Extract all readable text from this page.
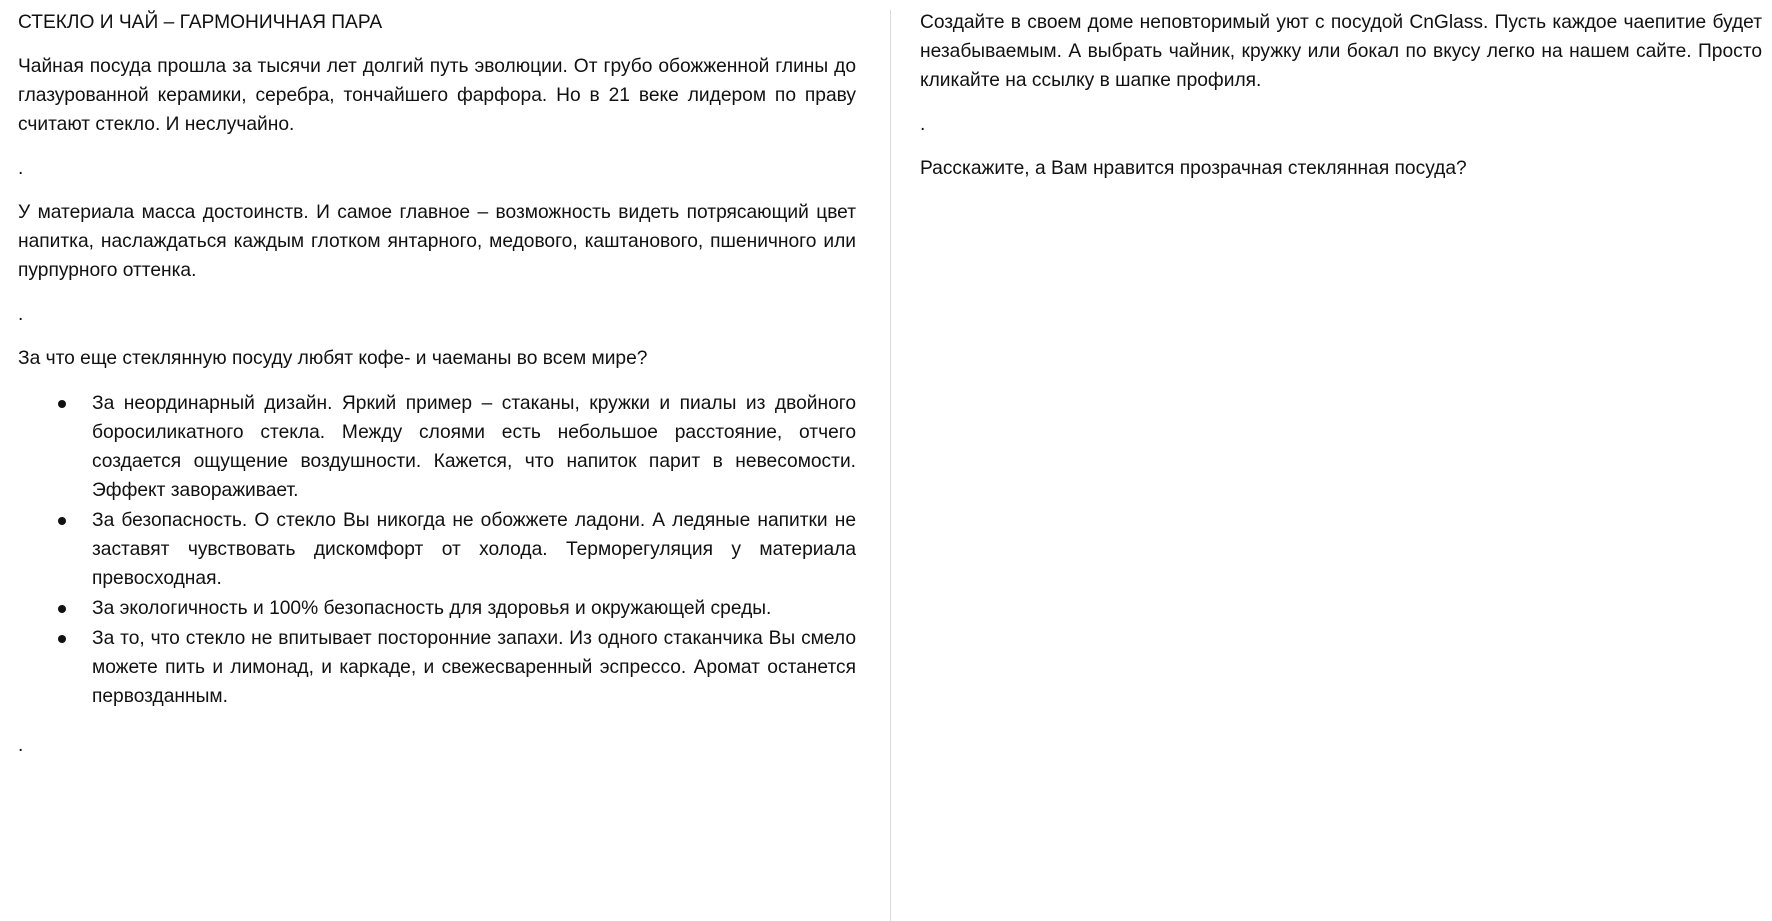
СТЕКЛО И ЧАЙ – ГАРМОНИЧНАЯ ПАРА

Чайная посуда прошла за тысячи лет долгий путь эволюции. От грубо обожженной глины до глазурованной керамики, серебра, тончайшего фарфора. Но в 21 веке лидером по праву считают стекло. И неслучайно.

.

У материала масса достоинств. И самое главное – возможность видеть потрясающий цвет напитка, наслаждаться каждым глотком янтарного, медового, каштанового, пшеничного или пурпурного оттенка.

.

За что еще стеклянную посуду любят кофе- и чаеманы во всем мире?

За неординарный дизайн. Яркий пример – стаканы, кружки и пиалы из двойного боросиликатного стекла. Между слоями есть небольшое расстояние, отчего создается ощущение воздушности. Кажется, что напиток парит в невесомости. Эффект завораживает.
За безопасность. О стекло Вы никогда не обожжете ладони. А ледяные напитки не заставят чувствовать дискомфорт от холода. Терморегуляция у материала превосходная.
За экологичность и 100% безопасность для здоровья и окружающей среды.
За то, что стекло не впитывает посторонние запахи. Из одного стаканчика Вы смело можете пить и лимонад, и каркаде, и свежесваренный эспрессо. Аромат останется первозданным.

.

Создайте в своем доме неповторимый уют с посудой CnGlass. Пусть каждое чаепитие будет незабываемым. А выбрать чайник, кружку или бокал по вкусу легко на нашем сайте. Просто кликайте на ссылку в шапке профиля.

.

Расскажите, а Вам нравится прозрачная стеклянная посуда?
